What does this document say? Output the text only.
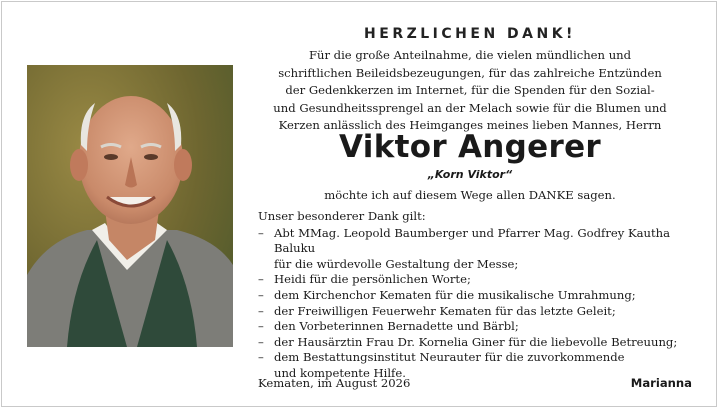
HERZLICHEN DANK!
Für die große Anteilnahme, die vielen mündlichen und
schriftlichen Beileidsbezeugungen, für das zahlreiche Entzünden
der Gedenkkerzen im Internet, für die Spenden für den Sozial-
und Gesundheitssprengel an der Melach sowie für die Blumen und
Kerzen anlässlich des Heimganges meines lieben Mannes, Herrn
Viktor Angerer
„Korn Viktor“
möchte ich auf diesem Wege allen DANKE sagen.
Unser besonderer Dank gilt:
– Abt MMag. Leopold Baumberger und Pfarrer Mag. Godfrey Kautha Baluku
für die würdevolle Gestaltung der Messe;
– Heidi für die persönlichen Worte;
– dem Kirchenchor Kematen für die musikalische Umrahmung;
– der Freiwilligen Feuerwehr Kematen für das letzte Geleit;
– den Vorbeterinnen Bernadette und Bärbl;
– der Hausärztin Frau Dr. Kornelia Giner für die liebevolle Betreuung;
– dem Bestattungsinstitut Neurauter für die zuvorkommende
und kompetente Hilfe.
Kematen, im August 2026	Marianna
